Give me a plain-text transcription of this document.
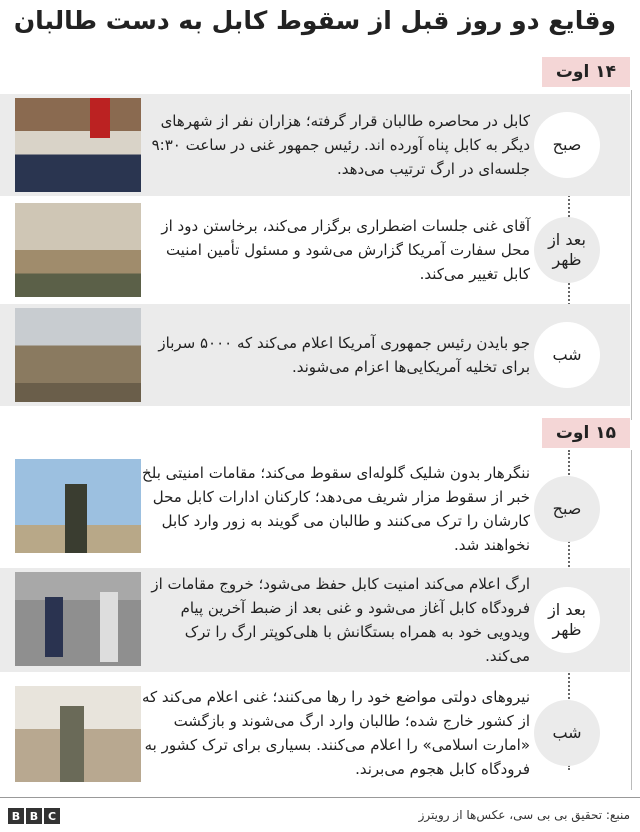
وقایع دو روز قبل از سقوط کابل به دست طالبان
۱۴ اوت
۱۵ اوت
کابل در محاصره طالبان قرار گرفته؛ هزاران نفر از شهرهای دیگر به کابل پناه آورده اند. رئیس جمهور غنی در ساعت ۹:۳۰ جلسه‌ای در ارگ ترتیب می‌دهد.
صبح
آقای غنی جلسات اضطراری برگزار می‌کند، برخاستن دود از محل سفارت آمریکا گزارش می‌شود و مسئول تأمین امنیت کابل تغییر می‌کند.
بعد از ظهر
جو بایدن رئیس جمهوری آمریکا اعلام می‌کند که ۵۰۰۰ سرباز برای تخلیه آمریکایی‌ها اعزام می‌شوند.
شب
ننگرهار بدون شلیک گلوله‌ای سقوط می‌کند؛ مقامات امنیتی بلخ خبر از سقوط مزار شریف می‌دهد؛ کارکنان ادارات کابل محل کارشان را ترک می‌کنند و طالبان می گویند به زور وارد کابل نخواهند شد.
صبح
ارگ اعلام می‌کند امنیت کابل حفظ می‌شود؛ خروج مقامات از فرودگاه کابل آغاز می‌شود و غنی بعد از ضبط آخرین پیام ویدویی خود به همراه بستگانش با هلی‌کوپتر ارگ را ترک می‌کند.
بعد از ظهر
نیروهای دولتی مواضع خود را رها می‌کنند؛ غنی اعلام می‌کند که از کشور خارج شده؛ طالبان وارد ارگ می‌شوند و بازگشت «امارت اسلامی» را اعلام می‌کنند. بسیاری برای ترک کشور به فرودگاه کابل هجوم می‌برند.
شب
B B C	منبع: تحقیق بی بی سی، عکس‌ها از رویترز
